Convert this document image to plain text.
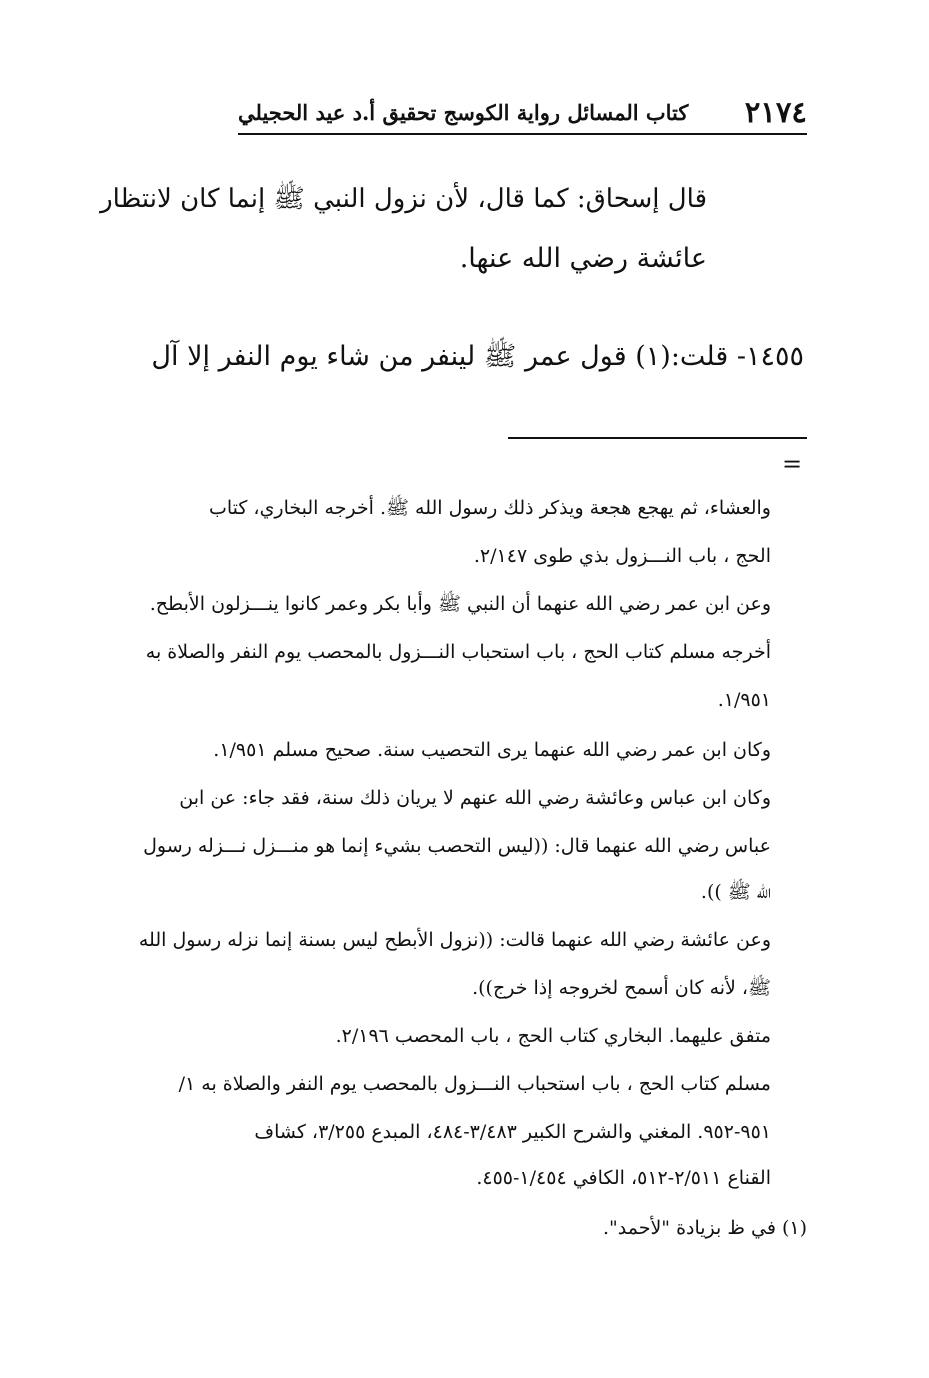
٢١٧٤
كتاب المسائل رواية الكوسج تحقيق أ.د عيد الحجيلي
قال إسحاق: كما قال، لأن نزول النبي ﷺ إنما كان لانتظار
عائشة رضي الله عنها.
١٤٥٥- قلت:(١) قول عمر ﷺ لينفر من شاء يوم النفر إلا آل
=
والعشاء، ثم يهجع هجعة ويذكر ذلك رسول الله ﷺ. أخرجه البخاري، كتاب
الحج ، باب النـــزول بذي طوى ٢/١٤٧.
وعن ابن عمر رضي الله عنهما أن النبي ﷺ وأبا بكر وعمر كانوا ينـــزلون الأبطح.
أخرجه مسلم كتاب الحج ، باب استحباب النـــزول بالمحصب يوم النفر والصلاة به
١/٩٥١.
وكان ابن عمر رضي الله عنهما يرى التحصيب سنة. صحيح مسلم ١/٩٥١.
وكان ابن عباس وعائشة رضي الله عنهم لا يريان ذلك سنة، فقد جاء: عن ابن
عباس رضي الله عنهما قال: ((ليس التحصب بشيء إنما هو منـــزل نـــزله رسول
الله ﷺ )).
وعن عائشة رضي الله عنهما قالت: ((نزول الأبطح ليس بسنة إنما نزله رسول الله
ﷺ، لأنه كان أسمح لخروجه إذا خرج)).
متفق عليهما. البخاري كتاب الحج ، باب المحصب ٢/١٩٦.
مسلم كتاب الحج ، باب استحباب النـــزول بالمحصب يوم النفر والصلاة به ١/
٩٥١-٩٥٢. المغني والشرح الكبير ٣/٤٨٣-٤٨٤، المبدع ٣/٢٥٥، كشاف
القناع ٢/٥١١-٥١٢، الكافي ١/٤٥٤-٤٥٥.
(١) في ظ بزيادة "لأحمد".
